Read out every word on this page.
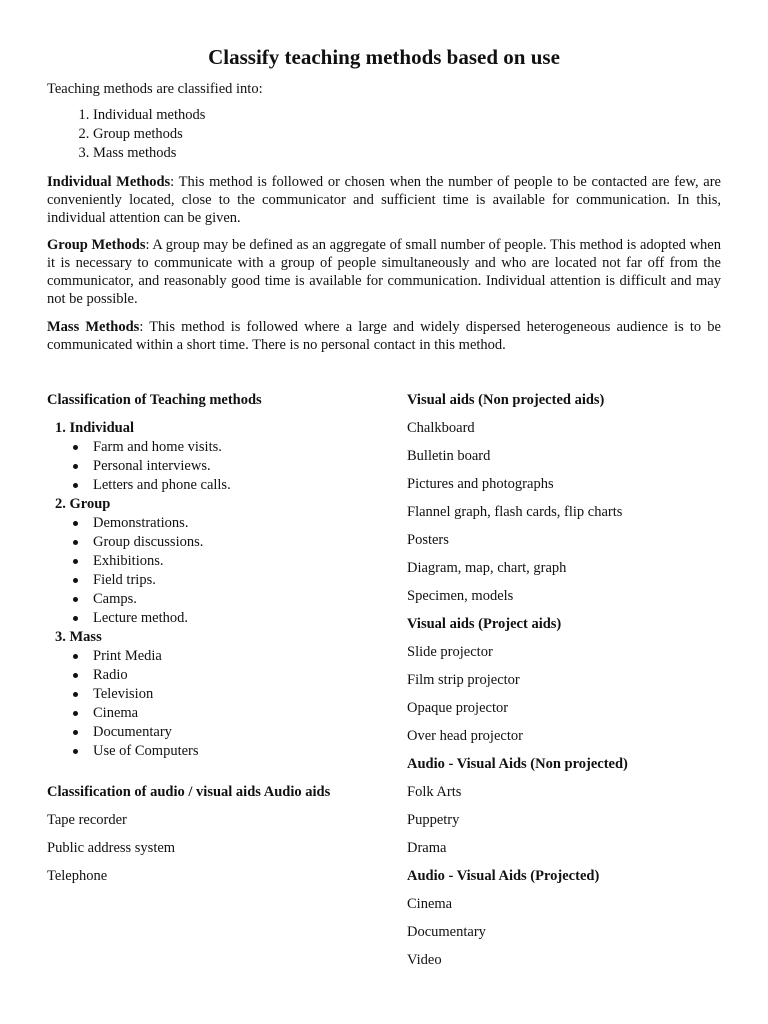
Classify teaching methods based on use
Teaching methods are classified into:
1. Individual methods
2. Group methods
3. Mass methods

Individual Methods: This method is followed or chosen when the number of people to be contacted are few, are conveniently located, close to the communicator and sufficient time is available for communication. In this, individual attention can be given.

Group Methods: A group may be defined as an aggregate of small number of people. This method is adopted when it is necessary to communicate with a group of people simultaneously and who are located not far off from the communicator, and reasonably good time is available for communication. Individual attention is difficult and may not be possible.

Mass Methods: This method is followed where a large and widely dispersed heterogeneous audience is to be communicated within a short time. There is no personal contact in this method.

Classification of Teaching methods
1. Individual
Farm and home visits.
Personal interviews.
Letters and phone calls.
2. Group
Demonstrations.
Group discussions.
Exhibitions.
Field trips.
Camps.
Lecture method.
3. Mass
Print Media
Radio
Television
Cinema
Documentary
Use of Computers
Classification of audio / visual aids Audio aids
Tape recorder
Public address system
Telephone
Visual aids (Non projected aids)
Chalkboard
Bulletin board
Pictures and photographs
Flannel graph, flash cards, flip charts
Posters
Diagram, map, chart, graph
Specimen, models
Visual aids (Project aids)
Slide projector
Film strip projector
Opaque projector
Over head projector
Audio - Visual Aids (Non projected)
Folk Arts
Puppetry
Drama
Audio - Visual Aids (Projected)
Cinema
Documentary
Video
